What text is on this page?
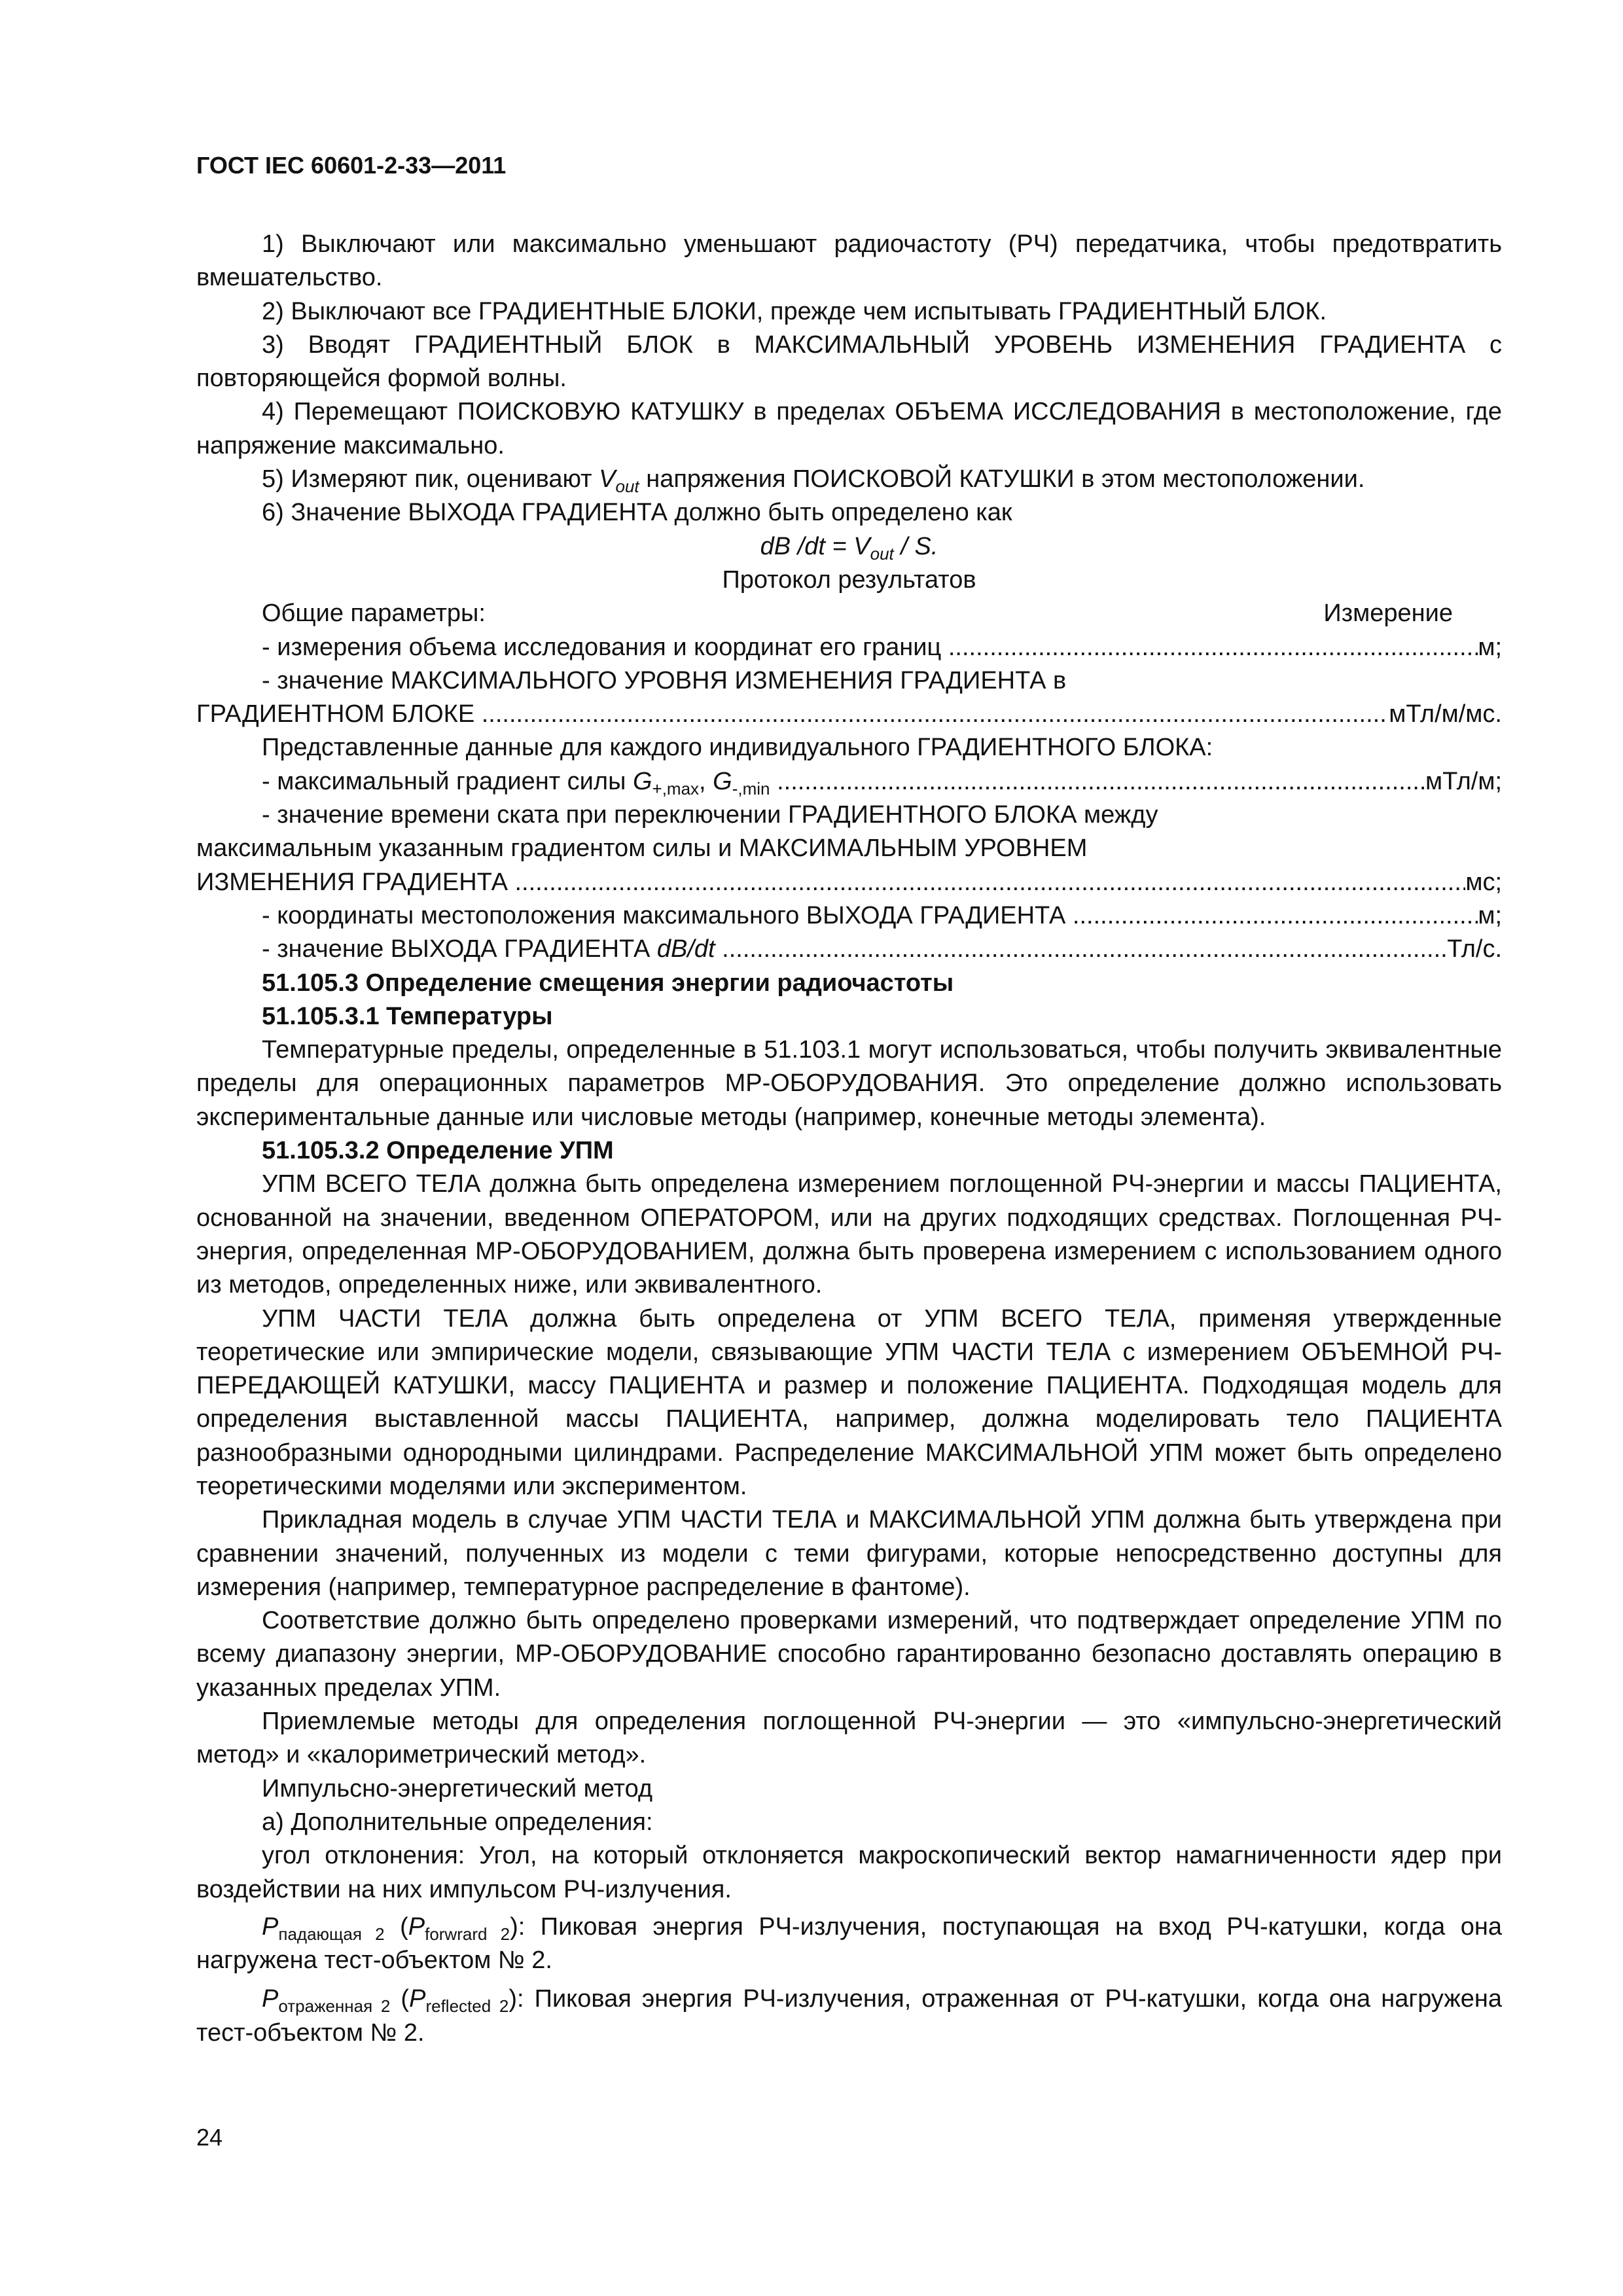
ГОСТ IEC 60601-2-33—2011

1) Выключают или максимально уменьшают радиочастоту (РЧ) передатчика, чтобы предотвратить вмешательство.

2) Выключают все ГРАДИЕНТНЫЕ БЛОКИ, прежде чем испытывать ГРАДИЕНТНЫЙ БЛОК.

3) Вводят ГРАДИЕНТНЫЙ БЛОК в МАКСИМАЛЬНЫЙ УРОВЕНЬ ИЗМЕНЕНИЯ ГРАДИЕНТА с повторяющейся формой волны.

4) Перемещают ПОИСКОВУЮ КАТУШКУ в пределах ОБЪЕМА ИССЛЕДОВАНИЯ в местоположение, где напряжение максимально.

5) Измеряют пик, оценивают $V_{out}$ напряжения ПОИСКОВОЙ КАТУШКИ в этом местоположении.

6) Значение ВЫХОДА ГРАДИЕНТА должно быть определено как

dB $/dt = V_{out} / S$.

Протокол результатов

Общие параметры:	Измерение
- измерения объема исследования и координат его границ .....	м;

- значение МАКСИМАЛЬНОГО УРОВНЯ ИЗМЕНЕНИЯ ГРАДИЕНТА в

ГРАДИЕНТНОМ БЛОКЕ .....	мТл/м/мс.

Представленные данные для каждого индивидуального ГРАДИЕНТНОГО БЛОКА:

- максимальный градиент силы $G_{+,max}$, $G_{-,min}$ .....	мТл/м;

- значение времени ската при переключении ГРАДИЕНТНОГО БЛОКА между

максимальным указанным градиентом силы и МАКСИМАЛЬНЫМ УРОВНЕМ

ИЗМЕНЕНИЯ ГРАДИЕНТА .....	мс;
- координаты местоположения максимального ВЫХОДА ГРАДИЕНТА .....	м;
- значение ВЫХОДА ГРАДИЕНТА dB/dt .....	Тл/с.

51.105.3 Определение смещения энергии радиочастоты

51.105.3.1 Температуры

Температурные пределы, определенные в 51.103.1 могут использоваться, чтобы получить эквивалентные пределы для операционных параметров МР-ОБОРУДОВАНИЯ. Это определение должно использовать экспериментальные данные или числовые методы (например, конечные методы элемента).

51.105.3.2 Определение УПМ

УПМ ВСЕГО ТЕЛА должна быть определена измерением поглощенной РЧ-энергии и массы ПАЦИЕНТА, основанной на значении, введенном ОПЕРАТОРОМ, или на других подходящих средствах. Поглощенная РЧ-энергия, определенная МР-ОБОРУДОВАНИЕМ, должна быть проверена измерением с использованием одного из методов, определенных ниже, или эквивалентного.

УПМ ЧАСТИ ТЕЛА должна быть определена от УПМ ВСЕГО ТЕЛА, применяя утвержденные теоретические или эмпирические модели, связывающие УПМ ЧАСТИ ТЕЛА с измерением ОБЪЕМНОЙ РЧ-ПЕРЕДАЮЩЕЙ КАТУШКИ, массу ПАЦИЕНТА и размер и положение ПАЦИЕНТА. Подходящая модель для определения выставленной массы ПАЦИЕНТА, например, должна моделировать тело ПАЦИЕНТА разнообразными однородными цилиндрами. Распределение МАКСИМАЛЬНОЙ УПМ может быть определено теоретическими моделями или экспериментом.

Прикладная модель в случае УПМ ЧАСТИ ТЕЛА и МАКСИМАЛЬНОЙ УПМ должна быть утверждена при сравнении значений, полученных из модели с теми фигурами, которые непосредственно доступны для измерения (например, температурное распределение в фантоме).

Соответствие должно быть определено проверками измерений, что подтверждает определение УПМ по всему диапазону энергии, МР-ОБОРУДОВАНИЕ способно гарантированно безопасно доставлять операцию в указанных пределах УПМ.

Приемлемые методы для определения поглощенной РЧ-энергии — это «импульсно-энергетический метод» и «калориметрический метод».

Импульсно-энергетический метод

а) Дополнительные определения:

угол отклонения: Угол, на который отклоняется макроскопический вектор намагниченности ядер при воздействии на них импульсом РЧ-излучения.

$P_{падающая 2}$ $(P_{forwrard 2})$: Пиковая энергия РЧ-излучения, поступающая на вход РЧ-катушки, когда она нагружена тест-объектом № 2.

$P_{отраженная 2}$ $(P_{reflected 2})$: Пиковая энергия РЧ-излучения, отраженная от РЧ-катушки, когда она нагружена тест-объектом № 2.

24
